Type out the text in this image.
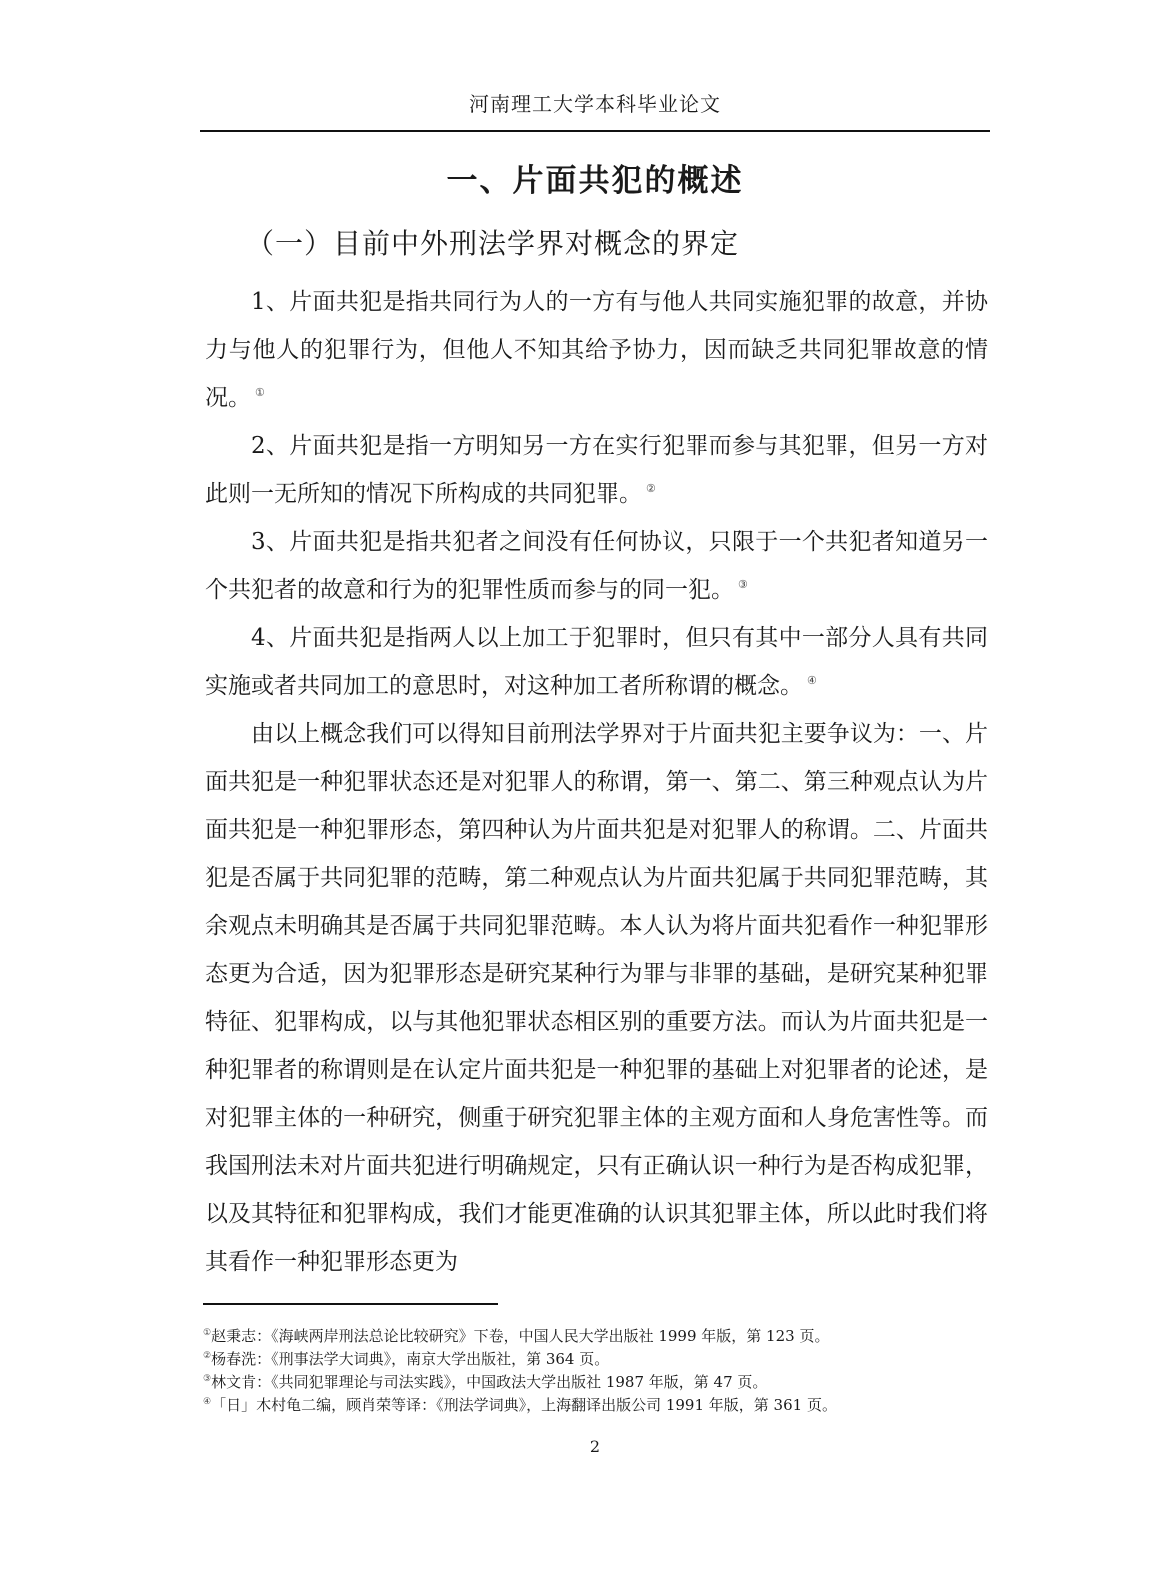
河南理工大学本科毕业论文
一、片面共犯的概述
（一）目前中外刑法学界对概念的界定

1、片面共犯是指共同行为人的一方有与他人共同实施犯罪的故意，并协力与他人的犯罪行为，但他人不知其给予协力，因而缺乏共同犯罪故意的情况。 ①

2、片面共犯是指一方明知另一方在实行犯罪而参与其犯罪，但另一方对此则一无所知的情况下所构成的共同犯罪。 ②

3、片面共犯是指共犯者之间没有任何协议，只限于一个共犯者知道另一个共犯者的故意和行为的犯罪性质而参与的同一犯。 ③

4、片面共犯是指两人以上加工于犯罪时，但只有其中一部分人具有共同实施或者共同加工的意思时，对这种加工者所称谓的概念。 ④

由以上概念我们可以得知目前刑法学界对于片面共犯主要争议为：一、片面共犯是一种犯罪状态还是对犯罪人的称谓，第一、第二、第三种观点认为片面共犯是一种犯罪形态，第四种认为片面共犯是对犯罪人的称谓。二、片面共犯是否属于共同犯罪的范畴，第二种观点认为片面共犯属于共同犯罪范畴，其余观点未明确其是否属于共同犯罪范畴。本人认为将片面共犯看作一种犯罪形态更为合适，因为犯罪形态是研究某种行为罪与非罪的基础，是研究某种犯罪特征、犯罪构成，以与其他犯罪状态相区别的重要方法。而认为片面共犯是一种犯罪者的称谓则是在认定片面共犯是一种犯罪的基础上对犯罪者的论述，是对犯罪主体的一种研究，侧重于研究犯罪主体的主观方面和人身危害性等。而我国刑法未对片面共犯进行明确规定，只有正确认识一种行为是否构成犯罪，以及其特征和犯罪构成，我们才能更准确的认识其犯罪主体，所以此时我们将其看作一种犯罪形态更为

①赵秉志：《海峡两岸刑法总论比较研究》下卷，中国人民大学出版社 1999 年版，第 123 页。

②杨春洗：《刑事法学大词典》，南京大学出版社，第 364 页。

③林文肯：《共同犯罪理论与司法实践》，中国政法大学出版社 1987 年版，第 47 页。

④「日」木村龟二编，顾肖荣等译：《刑法学词典》，上海翻译出版公司 1991 年版，第 361 页。

2
